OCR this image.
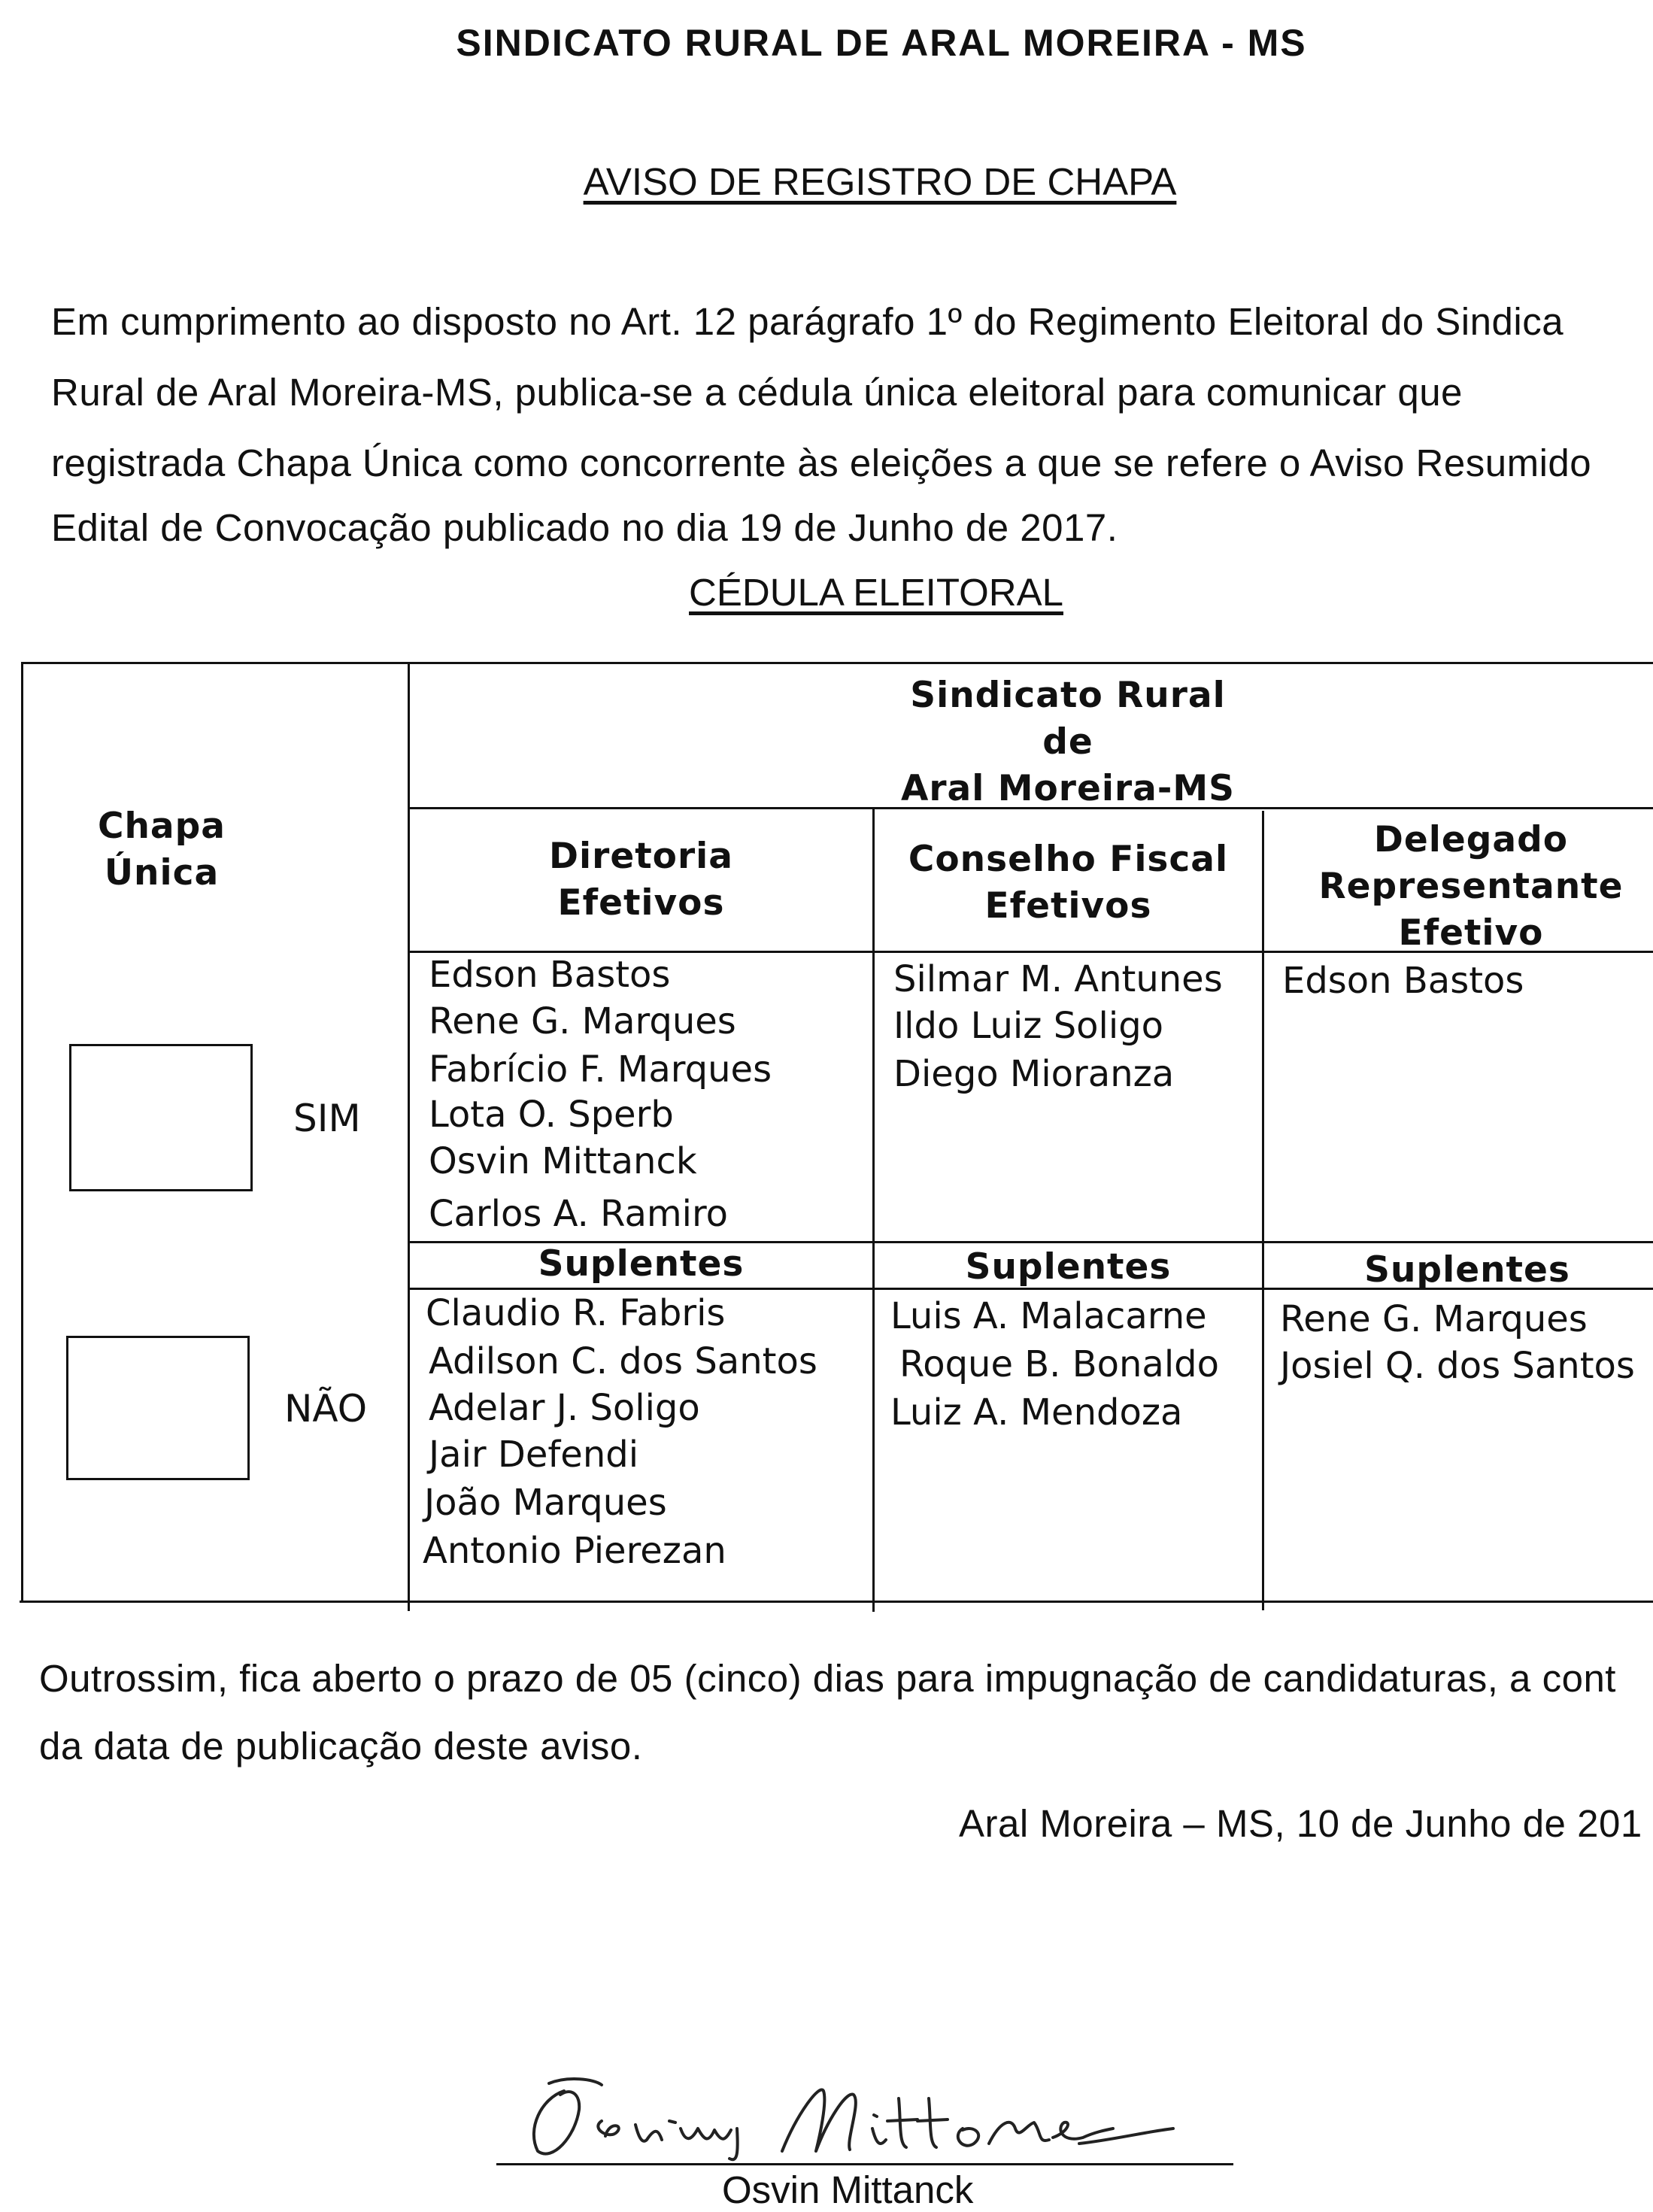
SINDICATO RURAL DE ARAL MOREIRA - MS
AVISO DE REGISTRO DE CHAPA
Em cumprimento ao disposto no Art. 12 parágrafo 1º do Regimento Eleitoral do Sindica
Rural de Aral Moreira-MS, publica-se a cédula única eleitoral para comunicar que
registrada Chapa Única como concorrente às eleições a que se refere o Aviso Resumido
Edital de Convocação publicado no dia 19 de Junho de 2017.
CÉDULA ELEITORAL
Chapa
Única
SIM
NÃO
Sindicato Rural
de
Aral Moreira-MS
Diretoria
Efetivos
Conselho Fiscal
Efetivos
Delegado
Representante
Efetivo
Edson Bastos
Rene G. Marques
Fabrício F. Marques
Lota O. Sperb
Osvin Mittanck
Carlos A. Ramiro
Silmar M. Antunes
Ildo Luiz Soligo
Diego Mioranza
Edson Bastos
Suplentes	Suplentes	Suplentes
Claudio R. Fabris
Adilson C. dos Santos
Adelar J. Soligo
Jair Defendi
João Marques
Antonio Pierezan
Luis A. Malacarne
Roque B. Bonaldo
Luiz A. Mendoza
Rene G. Marques
Josiel Q. dos Santos
Outrossim, fica aberto o prazo de 05 (cinco) dias para impugnação de candidaturas, a cont
da data de publicação deste aviso.
Aral Moreira – MS, 10 de Junho de 201
Osvin Mittanck
